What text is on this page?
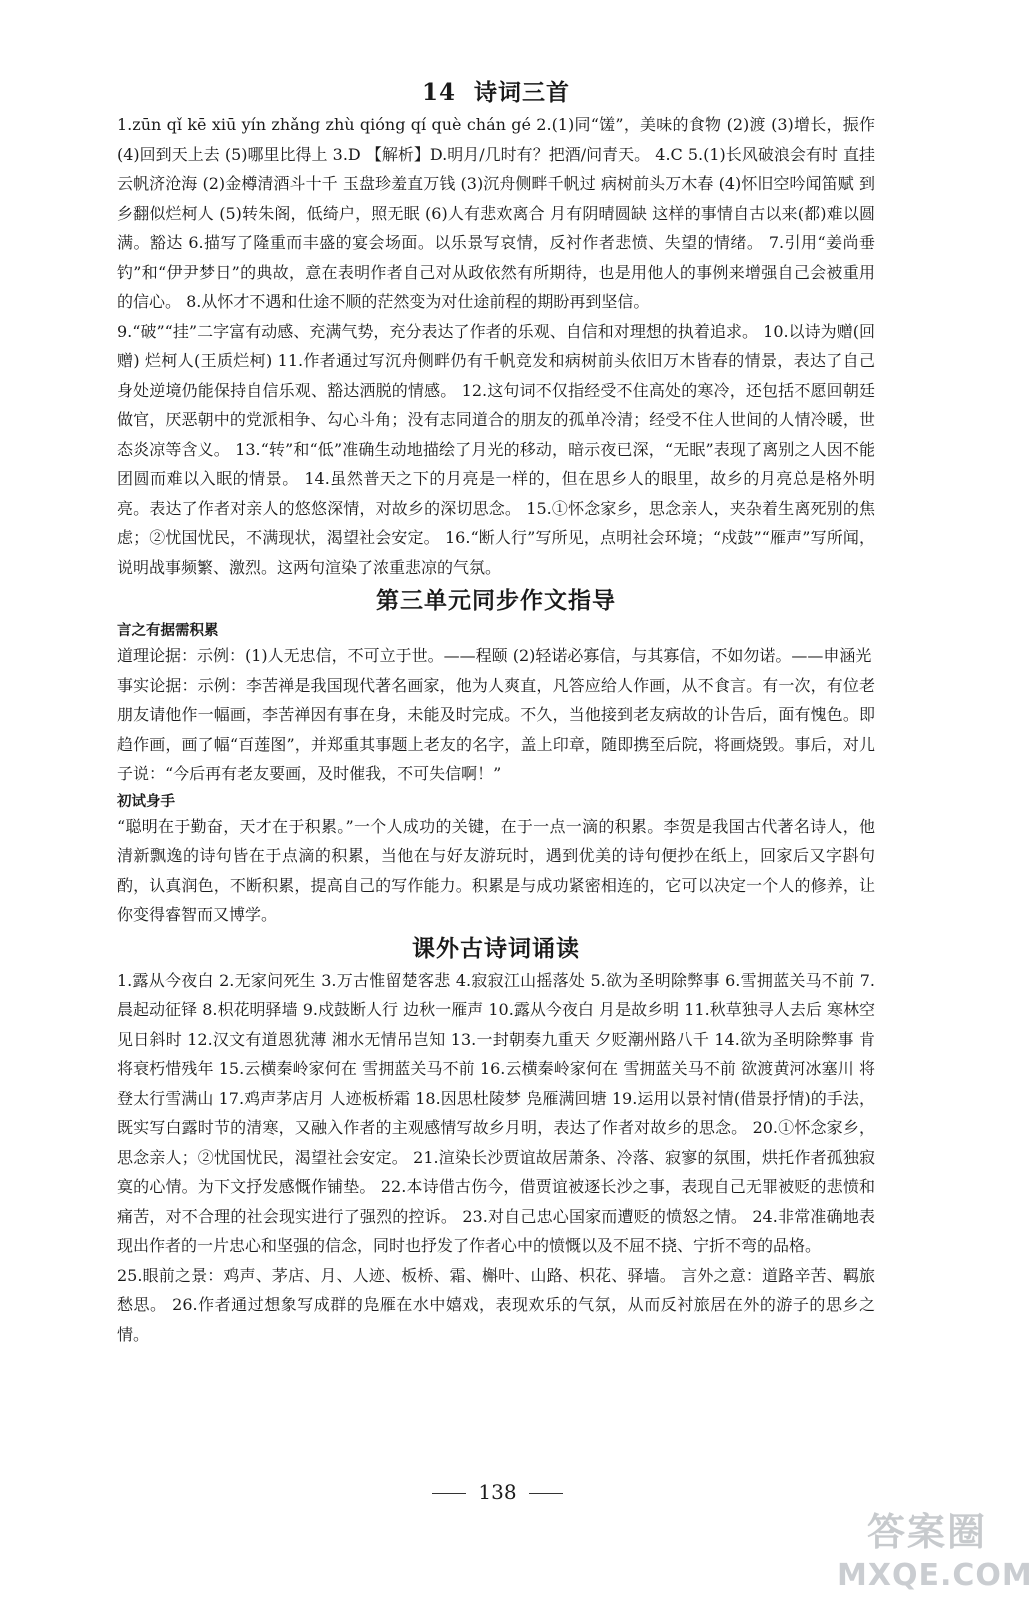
14 诗词三首

1.zūn qǐ kē xiū yín zhǎng zhù qióng qí què chán gé 2.(1)同“馐”，美味的食物 (2)渡 (3)增长，振作 (4)回到天上去 (5)哪里比得上 3.D 【解析】D.明月/几时有？把酒/问青天。 4.C 5.(1)长风破浪会有时 直挂云帆济沧海 (2)金樽清酒斗十千 玉盘珍羞直万钱 (3)沉舟侧畔千帆过 病树前头万木春 (4)怀旧空吟闻笛赋 到乡翻似烂柯人 (5)转朱阁，低绮户，照无眠 (6)人有悲欢离合 月有阴晴圆缺 这样的事情自古以来(都)难以圆满。豁达 6.描写了隆重而丰盛的宴会场面。以乐景写哀情，反衬作者悲愤、失望的情绪。 7.引用“姜尚垂钓”和“伊尹梦日”的典故，意在表明作者自己对从政依然有所期待，也是用他人的事例来增强自己会被重用的信心。 8.从怀才不遇和仕途不顺的茫然变为对仕途前程的期盼再到坚信。

9.“破”“挂”二字富有动感、充满气势，充分表达了作者的乐观、自信和对理想的执着追求。 10.以诗为赠(回赠) 烂柯人(王质烂柯) 11.作者通过写沉舟侧畔仍有千帆竞发和病树前头依旧万木皆春的情景，表达了自己身处逆境仍能保持自信乐观、豁达洒脱的情感。 12.这句词不仅指经受不住高处的寒冷，还包括不愿回朝廷做官，厌恶朝中的党派相争、勾心斗角；没有志同道合的朋友的孤单冷清；经受不住人世间的人情冷暖，世态炎凉等含义。 13.“转”和“低”准确生动地描绘了月光的移动，暗示夜已深，“无眠”表现了离别之人因不能团圆而难以入眠的情景。 14.虽然普天之下的月亮是一样的，但在思乡人的眼里，故乡的月亮总是格外明亮。表达了作者对亲人的悠悠深情，对故乡的深切思念。 15.①怀念家乡，思念亲人，夹杂着生离死别的焦虑；②忧国忧民，不满现状，渴望社会安定。 16.“断人行”写所见，点明社会环境；“戍鼓”“雁声”写所闻，说明战事频繁、激烈。这两句渲染了浓重悲凉的气氛。

第三单元同步作文指导
言之有据需积累

道理论据：示例：(1)人无忠信，不可立于世。——程颐 (2)轻诺必寡信，与其寡信，不如勿诺。——申涵光

事实论据：示例：李苦禅是我国现代著名画家，他为人爽直，凡答应给人作画，从不食言。有一次，有位老朋友请他作一幅画，李苦禅因有事在身，未能及时完成。不久，当他接到老友病故的讣告后，面有愧色。即趋作画，画了幅“百莲图”，并郑重其事题上老友的名字，盖上印章，随即携至后院，将画烧毁。事后，对儿子说：“今后再有老友要画，及时催我，不可失信啊！”

初试身手

“聪明在于勤奋，天才在于积累。”一个人成功的关键，在于一点一滴的积累。李贺是我国古代著名诗人，他清新飘逸的诗句皆在于点滴的积累，当他在与好友游玩时，遇到优美的诗句便抄在纸上，回家后又字斟句酌，认真润色，不断积累，提高自己的写作能力。积累是与成功紧密相连的，它可以决定一个人的修养，让你变得睿智而又博学。

课外古诗词诵读

1.露从今夜白 2.无家问死生 3.万古惟留楚客悲 4.寂寂江山摇落处 5.欲为圣明除弊事 6.雪拥蓝关马不前 7.晨起动征铎 8.枳花明驿墙 9.戍鼓断人行 边秋一雁声 10.露从今夜白 月是故乡明 11.秋草独寻人去后 寒林空见日斜时 12.汉文有道恩犹薄 湘水无情吊岂知 13.一封朝奏九重天 夕贬潮州路八千 14.欲为圣明除弊事 肯将衰朽惜残年 15.云横秦岭家何在 雪拥蓝关马不前 16.云横秦岭家何在 雪拥蓝关马不前 欲渡黄河冰塞川 将登太行雪满山 17.鸡声茅店月 人迹板桥霜 18.因思杜陵梦 凫雁满回塘 19.运用以景衬情(借景抒情)的手法，既实写白露时节的清寒，又融入作者的主观感情写故乡月明，表达了作者对故乡的思念。 20.①怀念家乡，思念亲人；②忧国忧民，渴望社会安定。 21.渲染长沙贾谊故居萧条、冷落、寂寥的氛围，烘托作者孤独寂寞的心情。为下文抒发感慨作铺垫。 22.本诗借古伤今，借贾谊被逐长沙之事，表现自己无罪被贬的悲愤和痛苦，对不合理的社会现实进行了强烈的控诉。 23.对自己忠心国家而遭贬的愤怒之情。 24.非常准确地表现出作者的一片忠心和坚强的信念，同时也抒发了作者心中的愤慨以及不屈不挠、宁折不弯的品格。

25.眼前之景：鸡声、茅店、月、人迹、板桥、霜、槲叶、山路、枳花、驿墙。 言外之意：道路辛苦、羁旅愁思。 26.作者通过想象写成群的凫雁在水中嬉戏，表现欢乐的气氛，从而反衬旅居在外的游子的思乡之情。

138
答案圈
MXQE.COM
